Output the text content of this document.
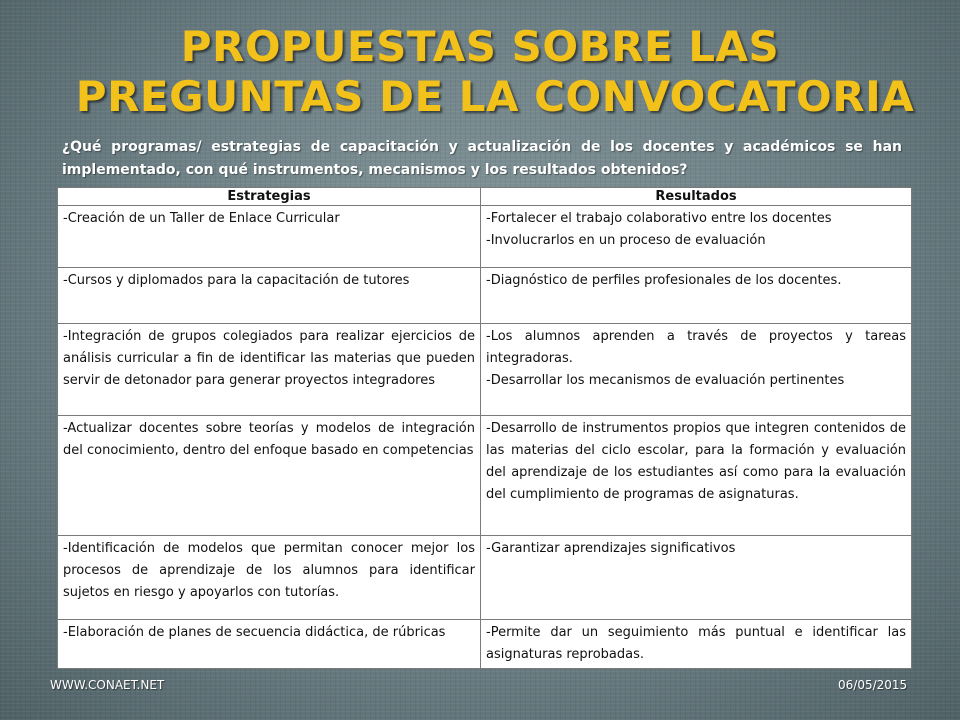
PROPUESTAS SOBRE LAS
PREGUNTAS DE LA CONVOCATORIA
¿Qué programas/ estrategias de capacitación y actualización de los docentes y académicos se han implementado, con qué instrumentos, mecanismos y los resultados obtenidos?
Estrategias	Resultados

-Creación de un Taller de Enlace Curricular	-Fortalecer el trabajo colaborativo entre los docentes

-Involucrarlos en un proceso de evaluación

-Cursos y diplomados para la capacitación de tutores	-Diagnóstico de perfiles profesionales de los docentes.

-Integración de grupos colegiados para realizar ejercicios de análisis curricular a fin de identificar las materias que pueden servir de detonador para generar proyectos integradores	-Los alumnos aprenden a través de proyectos y tareas integradoras.

-Desarrollar los mecanismos de evaluación pertinentes

-Actualizar docentes sobre teorías y modelos de integración del conocimiento, dentro del enfoque basado en competencias	-Desarrollo de instrumentos propios que integren contenidos de las materias del ciclo escolar, para la formación y evaluación del aprendizaje de los estudiantes así como para la evaluación del cumplimiento de programas de asignaturas.

-Identificación de modelos que permitan conocer mejor los procesos de aprendizaje de los alumnos para identificar sujetos en riesgo y apoyarlos con tutorías.	-Garantizar aprendizajes significativos

-Elaboración de planes de secuencia didáctica, de rúbricas	-Permite dar un seguimiento más puntual e identificar las asignaturas reprobadas.

WWW.CONAET.NET	06/05/2015
